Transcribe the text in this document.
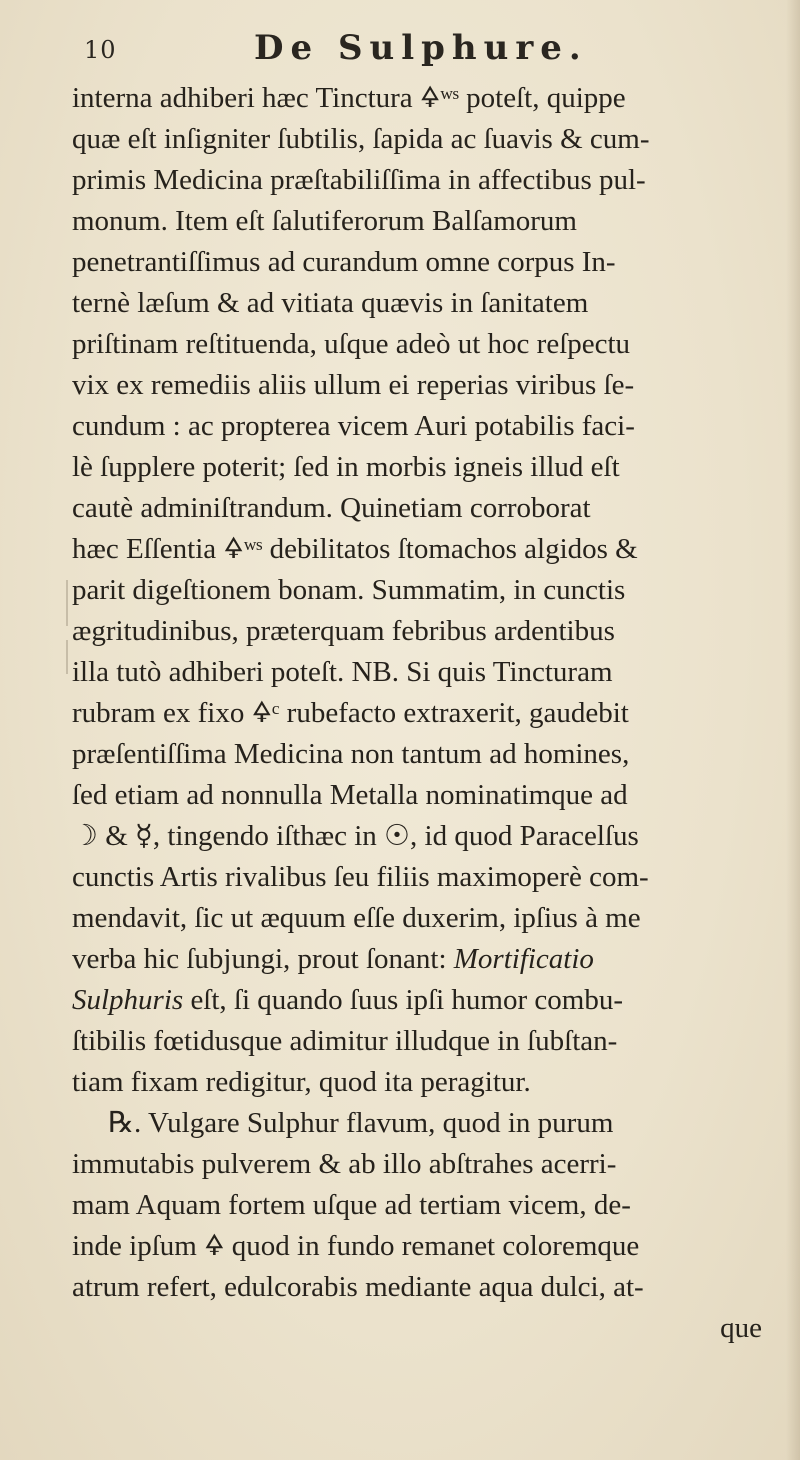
10	De Sulphure.
interna adhiberi hæc Tinctura 🜍ʷˢ poteſt, quippe
quæ eſt inſigniter ſubtilis, ſapida ac ſuavis & cum-
primis Medicina præſtabiliſſima in affectibus pul-
monum. Item eſt ſalutiferorum Balſamorum
penetrantiſſimus ad curandum omne corpus In-
ternè læſum & ad vitiata quævis in ſanitatem
priſtinam reſtituenda, uſque adeò ut hoc reſpectu
vix ex remediis aliis ullum ei reperias viribus ſe-
cundum : ac propterea vicem Auri potabilis faci-
lè ſupplere poterit; ſed in morbis igneis illud eſt
cautè adminiſtrandum. Quinetiam corroborat
hæc Eſſentia 🜍ʷˢ debilitatos ſtomachos algidos &
parit digeſtionem bonam. Summatim, in cunctis
ægritudinibus, præterquam febribus ardentibus
illa tutò adhiberi poteſt. NB. Si quis Tincturam
rubram ex fixo 🜍ᶜ rubefacto extraxerit, gaudebit
præſentiſſima Medicina non tantum ad homines,
ſed etiam ad nonnulla Metalla nominatimque ad
☽ & ☿, tingendo iſthæc in ☉, id quod Paracelſus
cunctis Artis rivalibus ſeu filiis maximoperè com-
mendavit, ſic ut æquum eſſe duxerim, ipſius à me
verba hic ſubjungi, prout ſonant: Mortificatio
Sulphuris eſt, ſi quando ſuus ipſi humor combu-
ſtibilis fœtidusque adimitur illudque in ſubſtan-
tiam fixam redigitur, quod ita peragitur.
℞. Vulgare Sulphur flavum, quod in purum
immutabis pulverem & ab illo abſtrahes acerri-
mam Aquam fortem uſque ad tertiam vicem, de-
inde ipſum 🜍 quod in fundo remanet coloremque
atrum refert, edulcorabis mediante aqua dulci, at-
que
